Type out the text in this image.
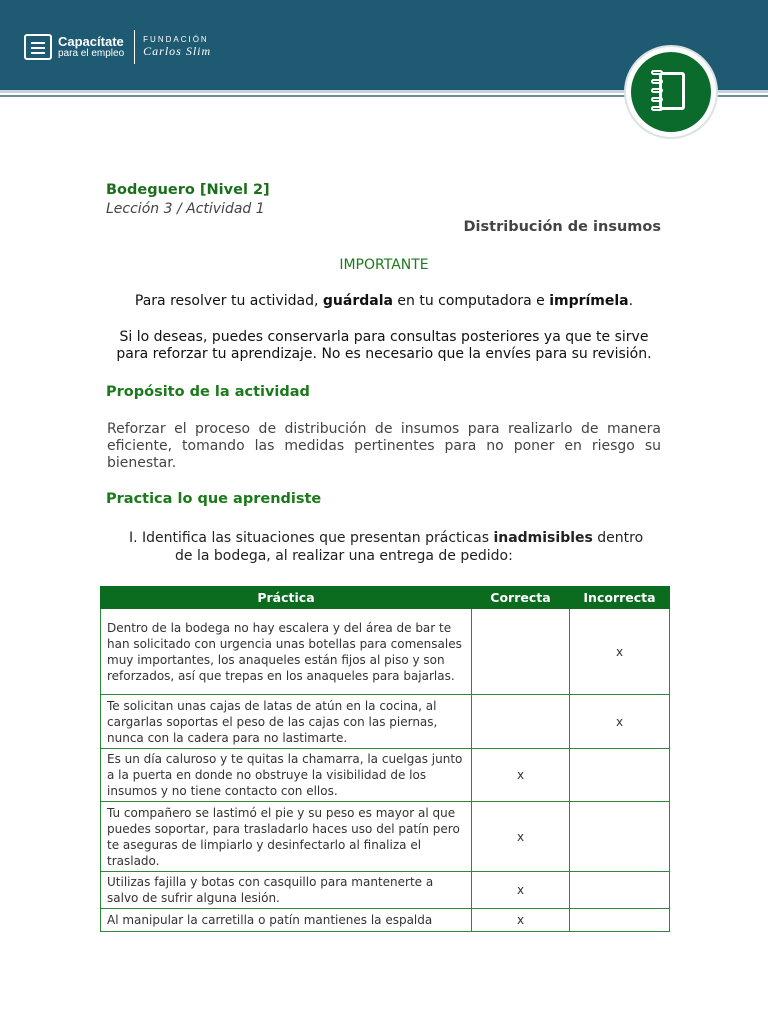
Capacítate
para el empleo
FUNDACIÓN
Carlos Slim
Bodeguero [Nivel 2]
Lección 3 / Actividad 1
Distribución de insumos
IMPORTANTE
Para resolver tu actividad, guárdala en tu computadora e imprímela.
Si lo deseas, puedes conservarla para consultas posteriores ya que te sirve
para reforzar tu aprendizaje. No es necesario que la envíes para su revisión.
Propósito de la actividad
Reforzar el proceso de distribución de insumos para realizarlo de manera eficiente, tomando las medidas pertinentes para no poner en riesgo su bienestar.
Practica lo que aprendiste
I. Identifica las situaciones que presentan prácticas inadmisibles dentro
de la bodega, al realizar una entrega de pedido:
Práctica	Correcta	Incorrecta
Dentro de la bodega no hay escalera y del área de bar te han solicitado con urgencia unas botellas para comensales muy importantes, los anaqueles están fijos al piso y son reforzados, así que trepas en los anaqueles para bajarlas.		x
Te solicitan unas cajas de latas de atún en la cocina, al cargarlas soportas el peso de las cajas con las piernas, nunca con la cadera para no lastimarte.		x
Es un día caluroso y te quitas la chamarra, la cuelgas junto a la puerta en donde no obstruye la visibilidad de los insumos y no tiene contacto con ellos.	x	
Tu compañero se lastimó el pie y su peso es mayor al que puedes soportar, para trasladarlo haces uso del patín pero te aseguras de limpiarlo y desinfectarlo al finaliza el traslado.	x	
Utilizas fajilla y botas con casquillo para mantenerte a salvo de sufrir alguna lesión.	x	
Al manipular la carretilla o patín mantienes la espalda	x	
